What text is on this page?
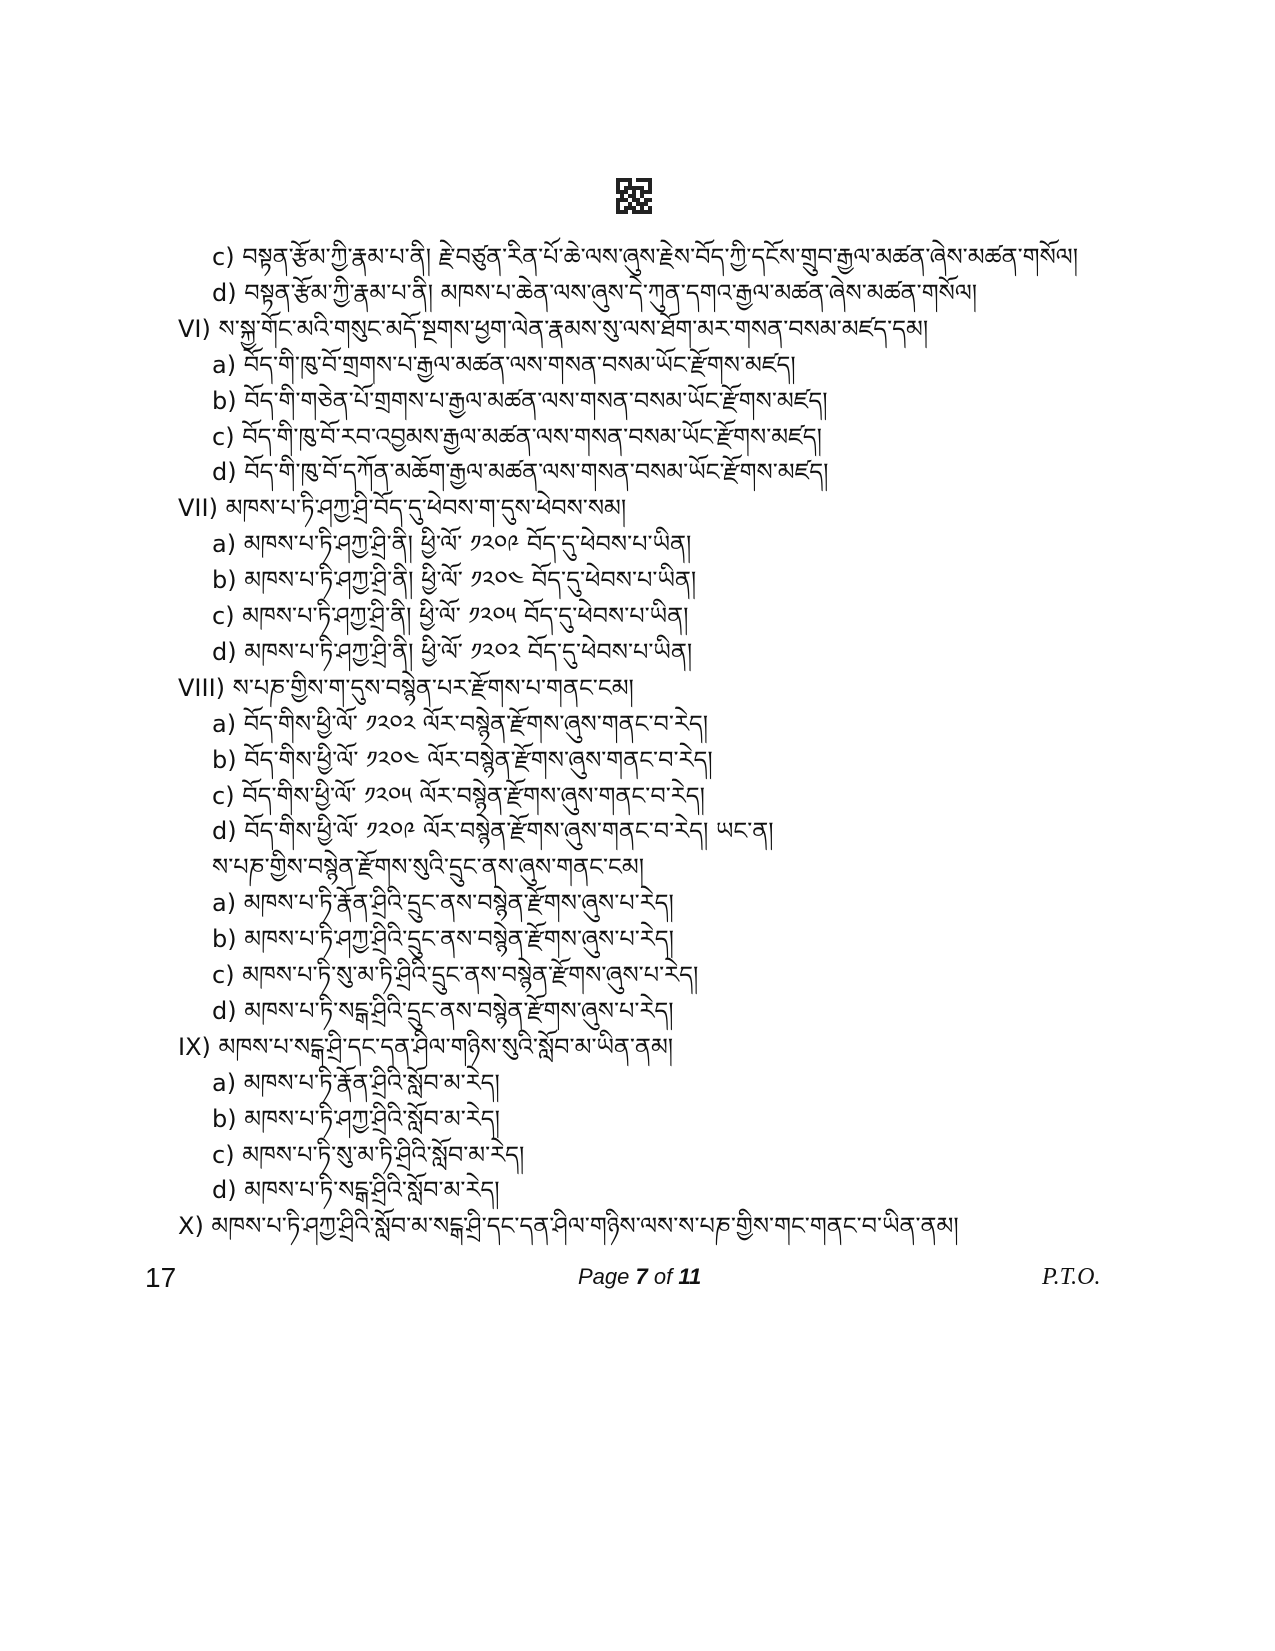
c) བསྟན་རྩོམ་ཀྱི་རྣམ་པ་ནི། རྗེ་བཙུན་རིན་པོ་ཆེ་ལས་ཞུས་རྗེས་བོད་ཀྱི་དངོས་གྲུབ་རྒྱལ་མཚན་ཞེས་མཚན་གསོལ།
d) བསྟན་རྩོམ་ཀྱི་རྣམ་པ་ནི། མཁས་པ་ཆེན་ལས་ཞུས་དེ་ཀུན་དགའ་རྒྱལ་མཚན་ཞེས་མཚན་གསོལ།
VI) ས་སྐྱ་གོང་མའི་གསུང་མདོ་སྔགས་ཕྱག་ལེན་རྣམས་སུ་ལས་ཐོག་མར་གསན་བསམ་མཛད་དམ།
a) བོད་གི་ཁུ་བོ་གྲགས་པ་རྒྱལ་མཚན་ལས་གསན་བསམ་ཡོང་རྫོགས་མཛད།
b) བོད་གི་གཅེན་པོ་གྲགས་པ་རྒྱལ་མཚན་ལས་གསན་བསམ་ཡོང་རྫོགས་མཛད།
c) བོད་གི་ཁུ་བོ་རབ་འབྱམས་རྒྱལ་མཚན་ལས་གསན་བསམ་ཡོང་རྫོགས་མཛད།
d) བོད་གི་ཁུ་བོ་དཀོན་མཆོག་རྒྱལ་མཚན་ལས་གསན་བསམ་ཡོང་རྫོགས་མཛད།
VII) མཁས་པ་ཏི་ཤཀྱ་ཤྲི་བོད་དུ་ཕེབས་ག་དུས་ཕེབས་སམ།
a) མཁས་པ་ཏི་ཤཀྱ་ཤྲི་ནི། ཕྱི་ལོ་ ༡༢༠༩ བོད་དུ་ཕེབས་པ་ཡིན།
b) མཁས་པ་ཏི་ཤཀྱ་ཤྲི་ནི། ཕྱི་ལོ་ ༡༢༠༤ བོད་དུ་ཕེབས་པ་ཡིན།
c) མཁས་པ་ཏི་ཤཀྱ་ཤྲི་ནི། ཕྱི་ལོ་ ༡༢༠༥ བོད་དུ་ཕེབས་པ་ཡིན།
d) མཁས་པ་ཏི་ཤཀྱ་ཤྲི་ནི། ཕྱི་ལོ་ ༡༢༠༢ བོད་དུ་ཕེབས་པ་ཡིན།
VIII) ས་པཎ་གྱིས་ག་དུས་བསྙེན་པར་རྫོགས་པ་གནང་ངམ།
a) བོད་གིས་ཕྱི་ལོ་ ༡༢༠༢ ལོར་བསྙེན་རྫོགས་ཞུས་གནང་བ་རེད།
b) བོད་གིས་ཕྱི་ལོ་ ༡༢༠༤ ལོར་བསྙེན་རྫོགས་ཞུས་གནང་བ་རེད།
c) བོད་གིས་ཕྱི་ལོ་ ༡༢༠༥ ལོར་བསྙེན་རྫོགས་ཞུས་གནང་བ་རེད།
d) བོད་གིས་ཕྱི་ལོ་ ༡༢༠༩ ལོར་བསྙེན་རྫོགས་ཞུས་གནང་བ་རེད། ཡང་ན།
ས་པཎ་གྱིས་བསྙེན་རྫོགས་སུའི་དྲུང་ནས་ཞུས་གནང་ངམ།
a) མཁས་པ་ཏི་རྣོན་ཤྲིའི་དྲུང་ནས་བསྙེན་རྫོགས་ཞུས་པ་རེད།
b) མཁས་པ་ཏི་ཤཀྱ་ཤྲིའི་དྲུང་ནས་བསྙེན་རྫོགས་ཞུས་པ་རེད།
c) མཁས་པ་ཏི་སུ་མ་ཏི་ཤྲིའི་དྲུང་ནས་བསྙེན་རྫོགས་ཞུས་པ་རེད།
d) མཁས་པ་ཏི་སངྒ་ཤྲིའི་དྲུང་ནས་བསྙེན་རྫོགས་ཞུས་པ་རེད།
IX) མཁས་པ་སངྒ་ཤྲི་དང་དན་ཤིལ་གཉིས་སུའི་སློབ་མ་ཡིན་ནམ།
a) མཁས་པ་ཏི་རྣོན་ཤྲིའི་སློབ་མ་རེད།
b) མཁས་པ་ཏི་ཤཀྱ་ཤྲིའི་སློབ་མ་རེད།
c) མཁས་པ་ཏི་སུ་མ་ཏི་ཤྲིའི་སློབ་མ་རེད།
d) མཁས་པ་ཏི་སངྒ་ཤྲིའི་སློབ་མ་རེད།
X) མཁས་པ་ཏི་ཤཀྱ་ཤྲིའི་སློབ་མ་སངྒ་ཤྲི་དང་དན་ཤིལ་གཉིས་ལས་ས་པཎ་གྱིས་གང་གནང་བ་ཡིན་ནམ།
17	Page 7 of 11	P.T.O.
